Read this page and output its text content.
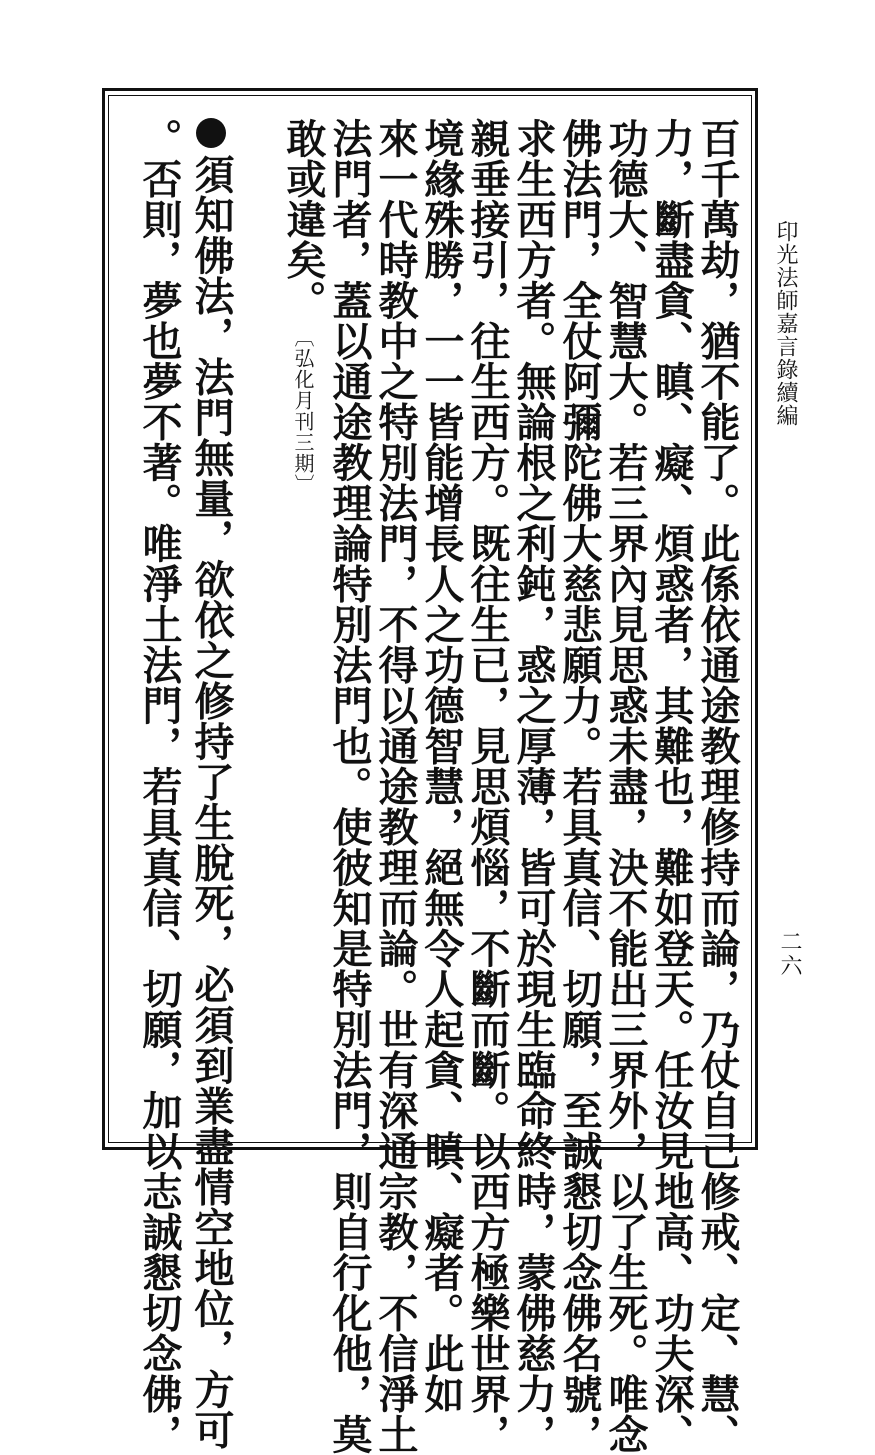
印光法師嘉言錄續編
二六
百千萬劫，猶不能了。此係依通途教理修持而論，乃仗自己修戒、定、慧、
力，斷盡貪、瞋、癡、煩惑者，其難也，難如登天。任汝見地高、功夫深、
功德大、智慧大。若三界內見思惑未盡，決不能出三界外，以了生死。唯念
佛法門，全仗阿彌陀佛大慈悲願力。若具真信、切願，至誠懇切念佛名號，
求生西方者。無論根之利鈍，惑之厚薄，皆可於現生臨命終時，蒙佛慈力，
親垂接引，往生西方。既往生已，見思煩惱，不斷而斷。以西方極樂世界，
境緣殊勝，一一皆能增長人之功德智慧，絕無令人起貪、瞋、癡者。此如
來一代時教中之特別法門，不得以通途教理而論。世有深通宗教，不信淨土
法門者，蓋以通途教理論特別法門也。使彼知是特別法門，則自行化他，莫
敢或違矣。〔弘化月刊三期〕
須知佛法，法門無量，欲依之修持了生脫死，必須到業盡情空地位，方可
。否則，夢也夢不著。唯淨土法門，若具真信、切願，加以志誠懇切念佛，
